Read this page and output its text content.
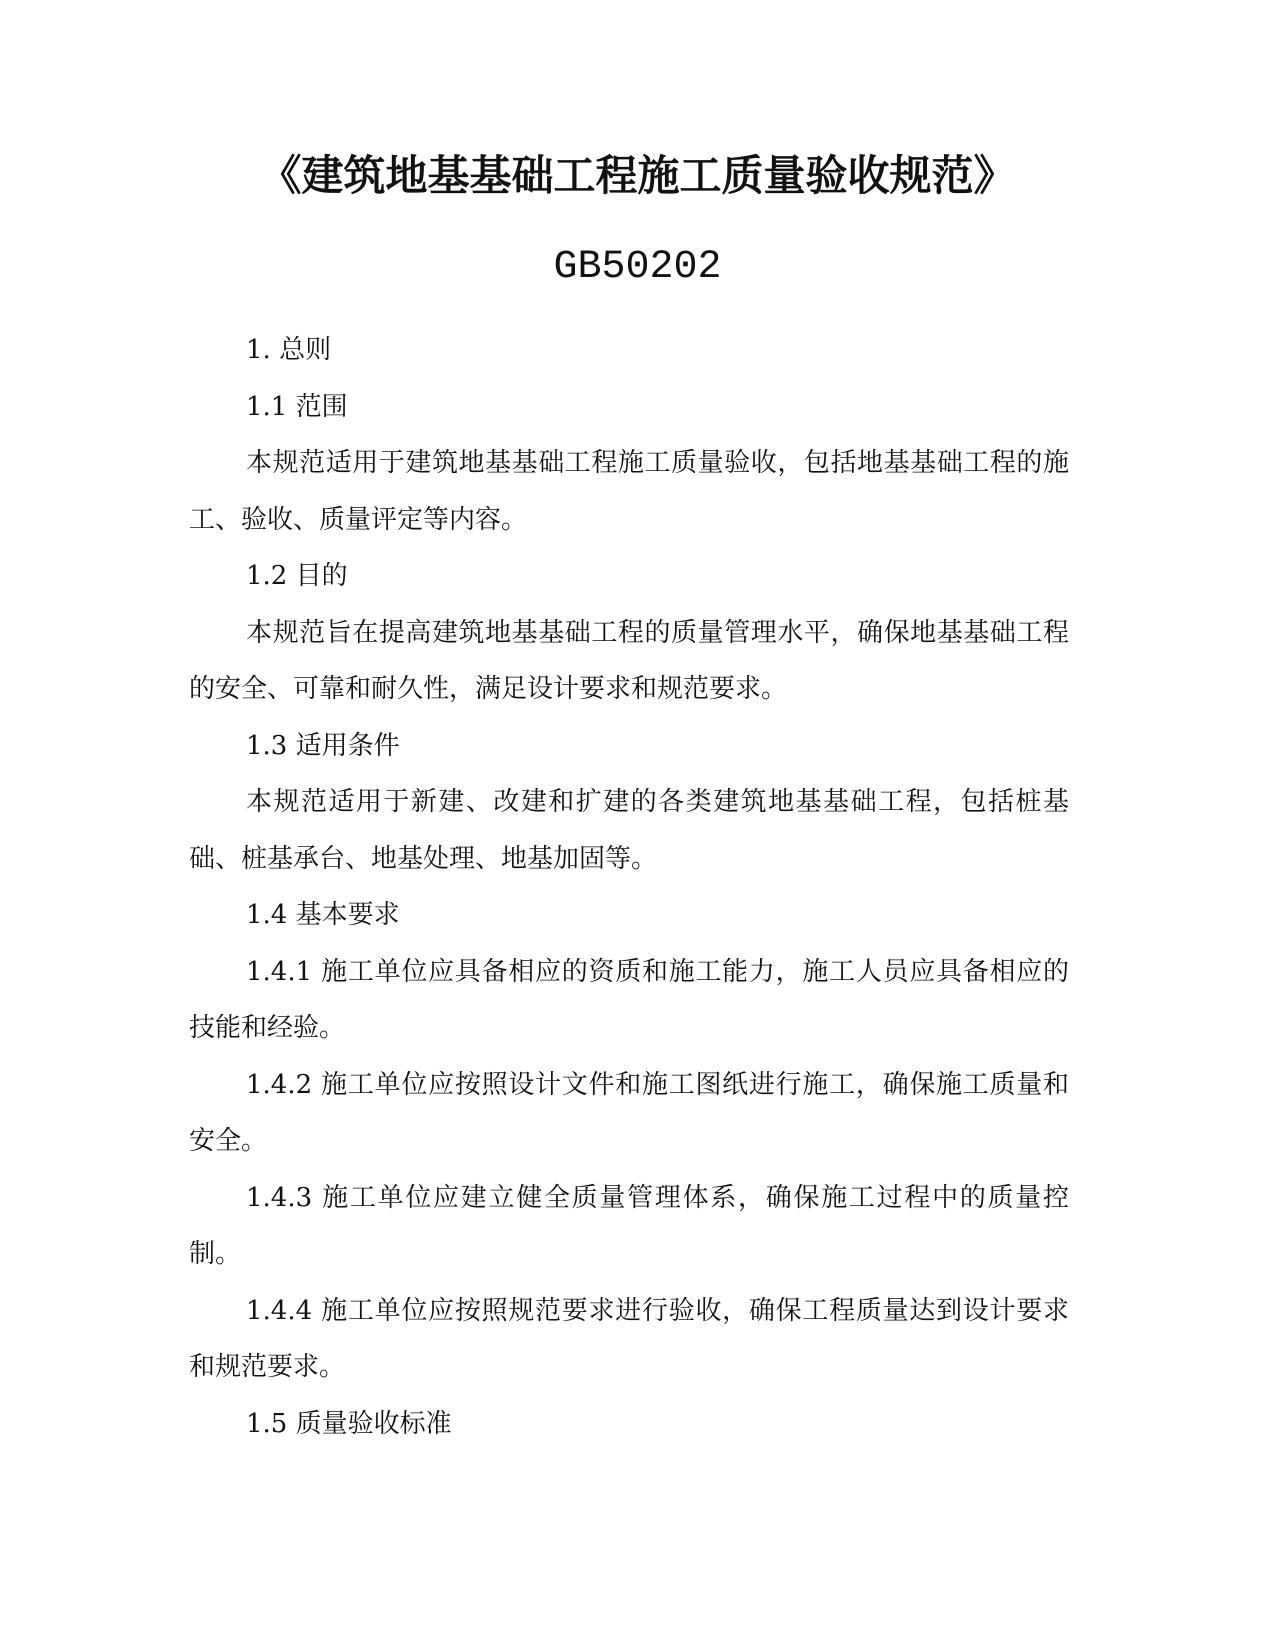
《建筑地基基础工程施工质量验收规范》
GB50202

1. 总则

1.1 范围

本规范适用于建筑地基基础工程施工质量验收，包括地基基础工程的施工、验收、质量评定等内容。

1.2 目的

本规范旨在提高建筑地基基础工程的质量管理水平，确保地基基础工程的安全、可靠和耐久性，满足设计要求和规范要求。

1.3 适用条件

本规范适用于新建、改建和扩建的各类建筑地基基础工程，包括桩基础、桩基承台、地基处理、地基加固等。

1.4 基本要求

1.4.1 施工单位应具备相应的资质和施工能力，施工人员应具备相应的技能和经验。

1.4.2 施工单位应按照设计文件和施工图纸进行施工，确保施工质量和安全。

1.4.3 施工单位应建立健全质量管理体系，确保施工过程中的质量控制。

1.4.4 施工单位应按照规范要求进行验收，确保工程质量达到设计要求和规范要求。

1.5 质量验收标准
